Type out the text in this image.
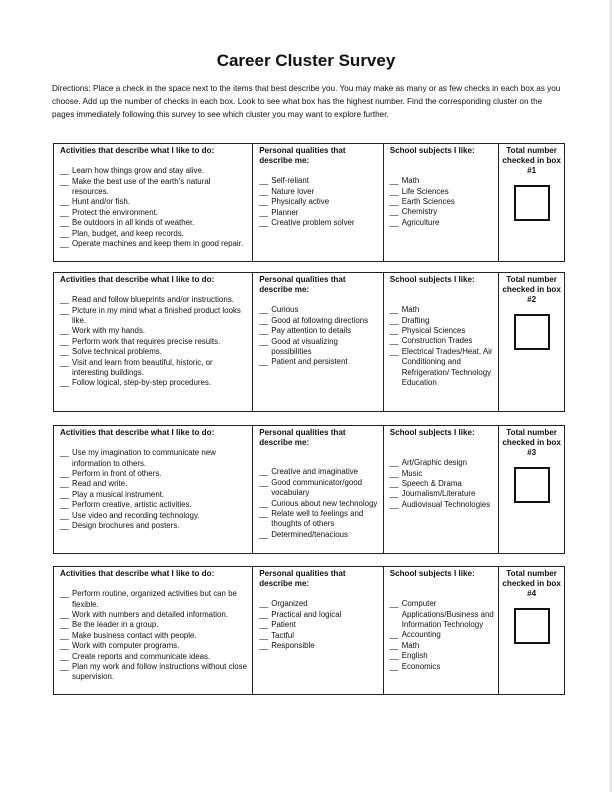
Career Cluster Survey
Directions: Place a check in the space next to the items that best describe you. You may make as many or as few checks in each box as you choose. Add up the number of checks in each box. Look to see what box has the highest number. Find the corresponding cluster on the pages immediately following this survey to see which cluster you may want to explore further.
Activities that describe what I like to do:
__ Learn how things grow and stay alive.
__ Make the best use of the earth’s natural resources.
__ Hunt and/or fish.
__ Protect the environment.
__ Be outdoors in all kinds of weather.
__ Plan, budget, and keep records.
__ Operate machines and keep them in good repair.
Personal qualities that describe me:
__ Self-reliant
__ Nature lover
__ Physically active
__ Planner
__ Creative problem solver
School subjects I like:
__ Math
__ Life Sciences
__ Earth Sciences
__ Chemistry
__ Agriculture
Total number checked in box #1
Activities that describe what I like to do:
__ Read and follow blueprints and/or instructions.
__ Picture in my mind what a finished product looks like.
__ Work with my hands.
__ Perform work that requires precise results.
__ Solve technical problems.
__ Visit and learn from beautiful, historic, or interesting buildings.
__ Follow logical, step-by-step procedures.
Personal qualities that describe me:
__ Curious
__ Good at following directions
__ Pay attention to details
__ Good at visualizing possibilities
__ Patient and persistent
School subjects I like:
__ Math
__ Drafting
__ Physical Sciences
__ Construction Trades
__ Electrical Trades/Heat, Air Conditioning and Refrigeration/ Technology Education
Total number checked in box #2
Activities that describe what I like to do:
__ Use my imagination to communicate new information to others.
__ Perform in front of others.
__ Read and write.
__ Play a musical instrument.
__ Perform creative, artistic activities.
__ Use video and recording technology.
__ Design brochures and posters.
Personal qualities that describe me:
__ Creative and imaginative
__ Good communicator/good vocabulary
__ Curious about new technology
__ Relate well to feelings and thoughts of others
__ Determined/tenacious
School subjects I like:
__ Art/Graphic design
__ Music
__ Speech & Drama
__ Journalism/Literature
__ Audiovisual Technologies
Total number checked in box #3
Activities that describe what I like to do:
__ Perform routine, organized activities but can be flexible.
__ Work with numbers and detailed information.
__ Be the leader in a group.
__ Make business contact with people.
__ Work with computer programs.
__ Create reports and communicate ideas.
__ Plan my work and follow instructions without close supervision.
Personal qualities that describe me:
__ Organized
__ Practical and logical
__ Patient
__ Tactful
__ Responsible
School subjects I like:
__ Computer Applications/Business and Information Technology
__ Accounting
__ Math
__ English
__ Economics
Total number checked in box #4
